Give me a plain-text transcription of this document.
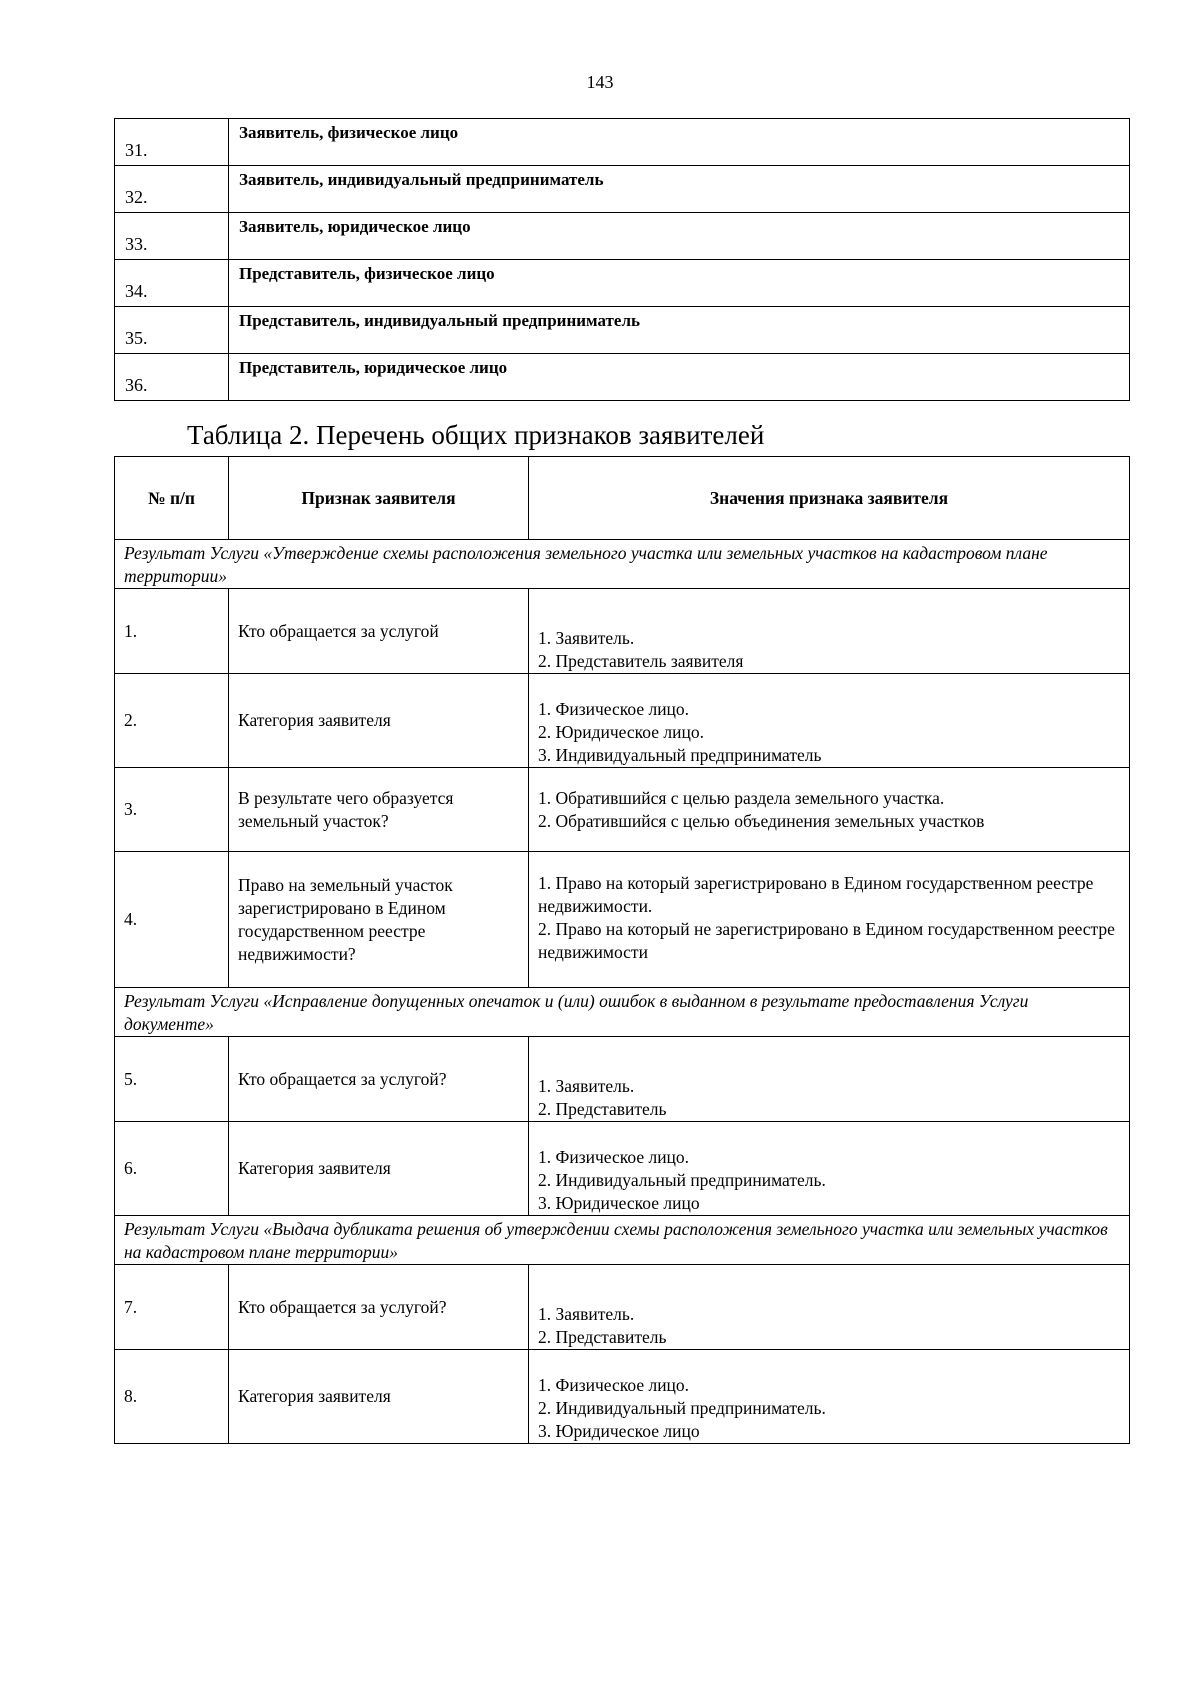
143
31.	Заявитель, физическое лицо
32.	Заявитель, индивидуальный предприниматель
33.	Заявитель, юридическое лицо
34.	Представитель, физическое лицо
35.	Представитель, индивидуальный предприниматель
36.	Представитель, юридическое лицо
Таблица 2. Перечень общих признаков заявителей
№ п/п	Признак заявителя	Значения признака заявителя
Результат Услуги «Утверждение схемы расположения земельного участка или земельных участков на кадастровом плане территории»		
1.	Кто обращается за услугой	1. Заявитель.
2. Представитель заявителя

2.	Категория заявителя	1. Физическое лицо.
2. Юридическое лицо.
3. Индивидуальный предприниматель

3.	В результате чего образуется земельный участок?	1. Обратившийся с целью раздела земельного участка.
2. Обратившийся с целью объединения земельных участков

4.	Право на земельный участок зарегистрировано в Едином государственном реестре недвижимости?	1. Право на который зарегистрировано в Едином государственном реестре недвижимости.
2. Право на который не зарегистрировано в Едином государственном реестре недвижимости

Результат Услуги «Исправление допущенных опечаток и (или) ошибок в выданном в результате предоставления Услуги документе»		
5.	Кто обращается за услугой?	1. Заявитель.
2. Представитель

6.	Категория заявителя	1. Физическое лицо.
2. Индивидуальный предприниматель.
3. Юридическое лицо

Результат Услуги «Выдача дубликата решения об утверждении схемы расположения земельного участка или земельных участков на кадастровом плане территории»		
7.	Кто обращается за услугой?	1. Заявитель.
2. Представитель

8.	Категория заявителя	1. Физическое лицо.
2. Индивидуальный предприниматель.
3. Юридическое лицо
